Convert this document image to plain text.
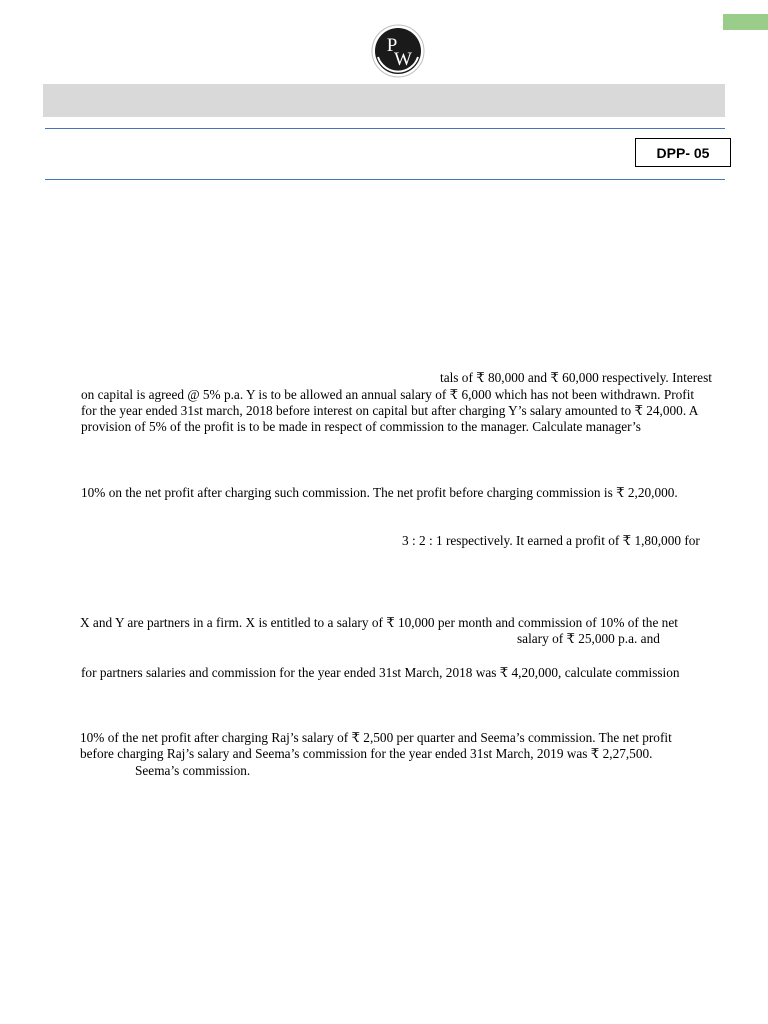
P
W
DPP- 05
tals of ₹ 80,000 and ₹ 60,000 respectively. Interest
on capital is agreed @ 5% p.a. Y is to be allowed an annual salary of ₹ 6,000 which has not been withdrawn. Profit
for the year ended 31st march, 2018 before interest on capital but after charging Y’s salary amounted to ₹ 24,000. A
provision of 5% of the profit is to be made in respect of commission to the manager. Calculate manager’s
10% on the net profit after charging such commission. The net profit before charging commission is ₹ 2,20,000.
3 : 2 : 1 respectively. It earned a profit of ₹ 1,80,000 for
X and Y are partners in a firm. X is entitled to a salary of ₹ 10,000 per month and commission of 10% of the net
salary of ₹ 25,000 p.a. and
for partners salaries and commission for the year ended 31st March, 2018 was ₹ 4,20,000, calculate commission
10% of the net profit after charging Raj’s salary of ₹ 2,500 per quarter and Seema’s commission. The net profit
before charging Raj’s salary and Seema’s commission for the year ended 31st March, 2019 was ₹ 2,27,500.
Seema’s commission.
